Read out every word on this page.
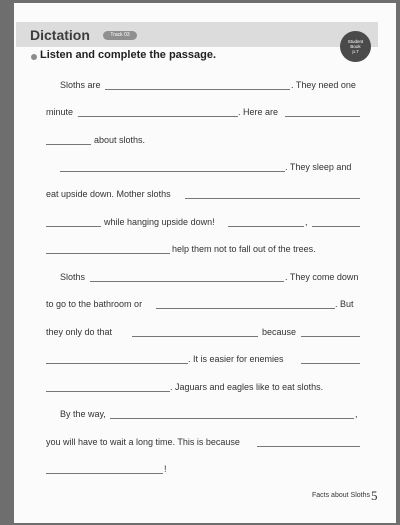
Dictation	Track 03
Student
Book
p.7
Listen and complete the passage.
Sloths are	. They need one
minute	. Here are
about sloths.
. They sleep and
eat upside down. Mother sloths
while hanging upside down!	,
help them not to fall out of the trees.
Sloths	. They come down
to go to the bathroom or	. But
they only do that	because
. It is easier for enemies
. Jaguars and eagles like to eat sloths.
By the way,	,
you will have to wait a long time. This is because
!
Facts about Sloths 5
